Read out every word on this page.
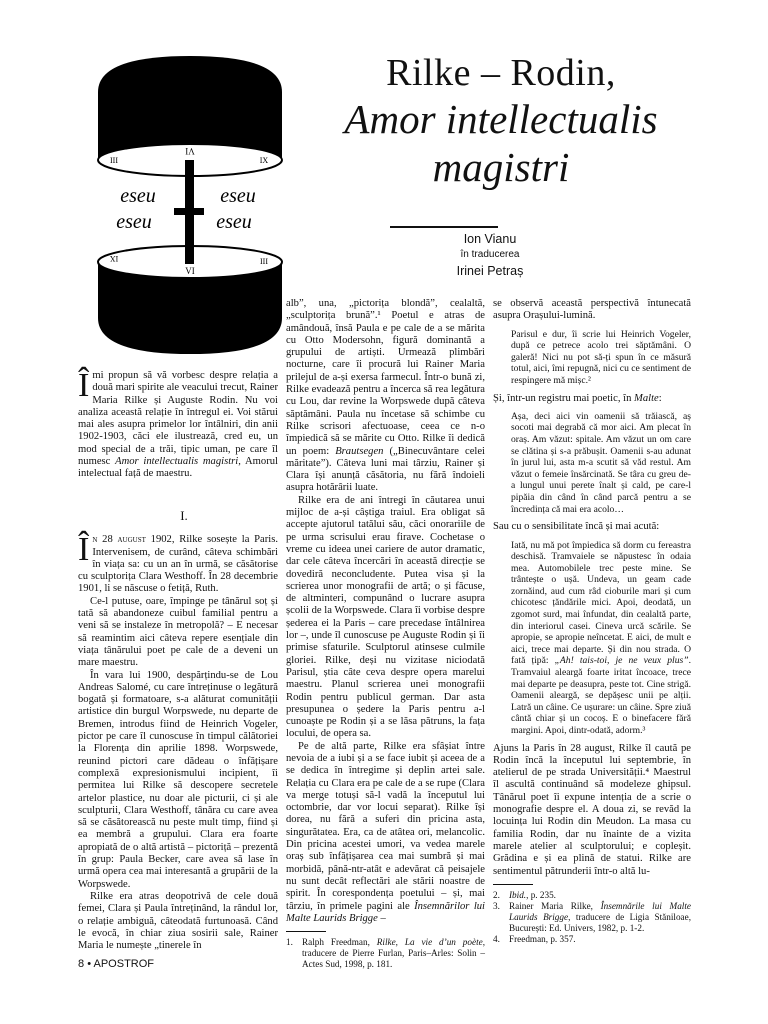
VI
III	IX
VI
IX	III
eseu	eseu
eseu	eseu
Rilke – Rodin,
Amor intellectualis
magistri
Ion Vianu
în traducerea
Irinei Petraș

Îmi propun să vă vorbesc despre relația a două mari spirite ale veacului trecut, Rainer Maria Rilke și Auguste Rodin. Nu voi analiza această relație în întregul ei. Voi stărui mai ales asupra primelor lor întâlniri, din anii 1902-1903, căci ele ilustrează, cred eu, un mod special de a trăi, tipic uman, pe care îl numesc Amor intellectualis magistri, Amorul intelectual față de maestru.

I.

În 28 august 1902, Rilke sosește la Paris. Intervenisem, de curând, câteva schimbări în viața sa: cu un an în urmă, se căsătorise cu sculptorița Clara Westhoff. În 28 decembrie 1901, li se născuse o fetiță, Ruth.

Ce-l putuse, oare, împinge pe tânărul soț și tată să abandoneze cuibul familial pentru a veni să se instaleze în metropolă? – E necesar să reamintim aici câteva repere esențiale din viața tânărului poet pe cale de a deveni un mare maestru.

În vara lui 1900, despărțindu-se de Lou Andreas Salomé, cu care întreținuse o legătură bogată și formatoare, s-a alăturat comunității artistice din burgul Worpswede, nu departe de Bremen, introdus fiind de Heinrich Vogeler, pictor pe care îl cunoscuse în timpul călătoriei la Florența din aprilie 1898. Worpswede, reunind pictori care dădeau o înfățișare complexă expresionismului incipient, îi permitea lui Rilke să descopere secretele artelor plastice, nu doar ale picturii, ci și ale sculpturii, Clara Westhoff, tânăra cu care avea să se căsătorească nu peste mult timp, fiind și ea membră a grupului. Clara era foarte apropiată de o altă artistă – pictoriță – prezentă în grup: Paula Becker, care avea să lase în urmă opera cea mai interesantă a grupării de la Worpswede.

Rilke era atras deopotrivă de cele două femei, Clara și Paula întreținând, la rândul lor, o relație ambiguă, câteodată furtunoasă. Când le evocă, în chiar ziua sosirii sale, Rainer Maria le numește „tinerele în

alb”, una, „pictorița blondă”, cealaltă, „sculptorița brună”.¹ Poetul e atras de amândouă, însă Paula e pe cale de a se mărita cu Otto Modersohn, figură dominantă a grupului de artiști. Urmează plimbări nocturne, care îi procură lui Rainer Maria prilejul de a-și exersa farmecul. Într-o bună zi, Rilke evadează pentru a încerca să rea legătura cu Lou, dar revine la Worpswede după câteva săptămâni. Paula nu încetase să schimbe cu Rilke scrisori afectuoase, ceea ce n-o împiedică să se mărite cu Otto. Rilke îi dedică un poem: Brautsegen („Binecuvântare celei măritate”). Câteva luni mai târziu, Rainer și Clara își anunță căsătoria, nu fără îndoieli asupra hotărârii luate.

Rilke era de ani întregi în căutarea unui mijloc de a-și câștiga traiul. Era obligat să accepte ajutorul tatălui său, căci onorariile de pe urma scrisului erau firave. Cochetase o vreme cu ideea unei cariere de autor dramatic, dar cele câteva încercări în această direcție se dovediră neconcludente. Putea visa și la scrierea unor monografii de artă; o și făcuse, de altminteri, compunând o lucrare asupra școlii de la Worpswede. Clara îi vorbise despre șederea ei la Paris – care precedase întâlnirea lor –, unde îl cunoscuse pe Auguste Rodin și îi primise sfaturile. Sculptorul atinsese culmile gloriei. Rilke, deși nu vizitase niciodată Parisul, știa câte ceva despre opera marelui maestru. Planul scrierea unei monografii Rodin pentru publicul german. Dar asta presupunea o ședere la Paris pentru a-l cunoaște pe Rodin și a se lăsa pătruns, la fața locului, de opera sa.

Pe de altă parte, Rilke era sfâșiat între nevoia de a iubi și a se face iubit și aceea de a se dedica în întregime și deplin artei sale. Relația cu Clara era pe cale de a se rupe (Clara va merge totuși să-l vadă la începutul lui octombrie, dar vor locui separat). Rilke își dorea, nu fără a suferi din pricina asta, singurătatea. Era, ca de atâtea ori, melancolic. Din pricina acestei umori, va vedea marele oraș sub înfățișarea cea mai sumbră și mai morbidă, până-ntr-atât e adevărat că peisajele nu sunt decât reflectări ale stării noastre de spirit. În corespondența poetului – și, mai târziu, în primele pagini ale Însemnărilor lui Malte Laurids Brigge –

1. Ralph Freedman, Rilke, La vie d’un poète, traducere de Pierre Furlan, Paris–Arles: Solin – Actes Sud, 1998, p. 181.

se observă această perspectivă întunecată asupra Orașului-lumină.

Parisul e dur, îi scrie lui Heinrich Vogeler, după ce petrece acolo trei săptămâni. O galeră! Nici nu pot să-ți spun în ce măsură totul, aici, îmi repugnă, nici cu ce sentiment de respingere mă mișc.²

Și, într-un registru mai poetic, în Malte:

Așa, deci aici vin oamenii să trăiască, aș socoti mai degrabă că mor aici. Am plecat în oraș. Am văzut: spitale. Am văzut un om care se clătina și s-a prăbușit. Oamenii s-au adunat în jurul lui, asta m-a scutit să văd restul. Am văzut o femeie însărcinată. Se târa cu greu de-a lungul unui perete înalt și cald, pe care-l pipăia din când în când parcă pentru a se încredința că mai era acolo…

Sau cu o sensibilitate încă și mai acută:

Iată, nu mă pot împiedica să dorm cu fereastra deschisă. Tramvaiele se năpustesc în odaia mea. Automobilele trec peste mine. Se trântește o ușă. Undeva, un geam cade zornăind, aud cum râd cioburile mari și cum chicotesc țăndările mici. Apoi, deodată, un zgomot surd, mai înfundat, din cealaltă parte, din interiorul casei. Cineva urcă scările. Se apropie, se apropie neîncetat. E aici, de mult e aici, trece mai departe. Și din nou strada. O fată țipă: „Ah! tais-toi, je ne veux plus”. Tramvaiul aleargă foarte iritat încoace, trece mai departe pe deasupra, peste tot. Cine strigă. Oamenii aleargă, se depășesc unii pe alții. Latră un câine. Ce ușurare: un câine. Spre ziuă cântă chiar și un cocoș. E o binefacere fără margini. Apoi, dintr-odată, adorm.³

Ajuns la Paris în 28 august, Rilke îl caută pe Rodin încă la începutul lui septembrie, în atelierul de pe strada Universității.⁴ Maestrul îl ascultă continuând să modeleze ghipsul. Tânărul poet îi expune intenția de a scrie o monografie despre el. A doua zi, se revăd la locuința lui Rodin din Meudon. La masa cu familia Rodin, dar nu înainte de a vizita marele atelier al sculptorului; e copleșit. Grădina e și ea plină de statui. Rilke are sentimentul pătrunderii într-o altă lu-

2. Ibid., p. 235.

3. Rainer Maria Rilke, Însemnările lui Malte Laurids Brigge, traducere de Ligia Stăniloae, București: Ed. Univers, 1982, p. 1-2.

4. Freedman, p. 357.

8 • APOSTROF
